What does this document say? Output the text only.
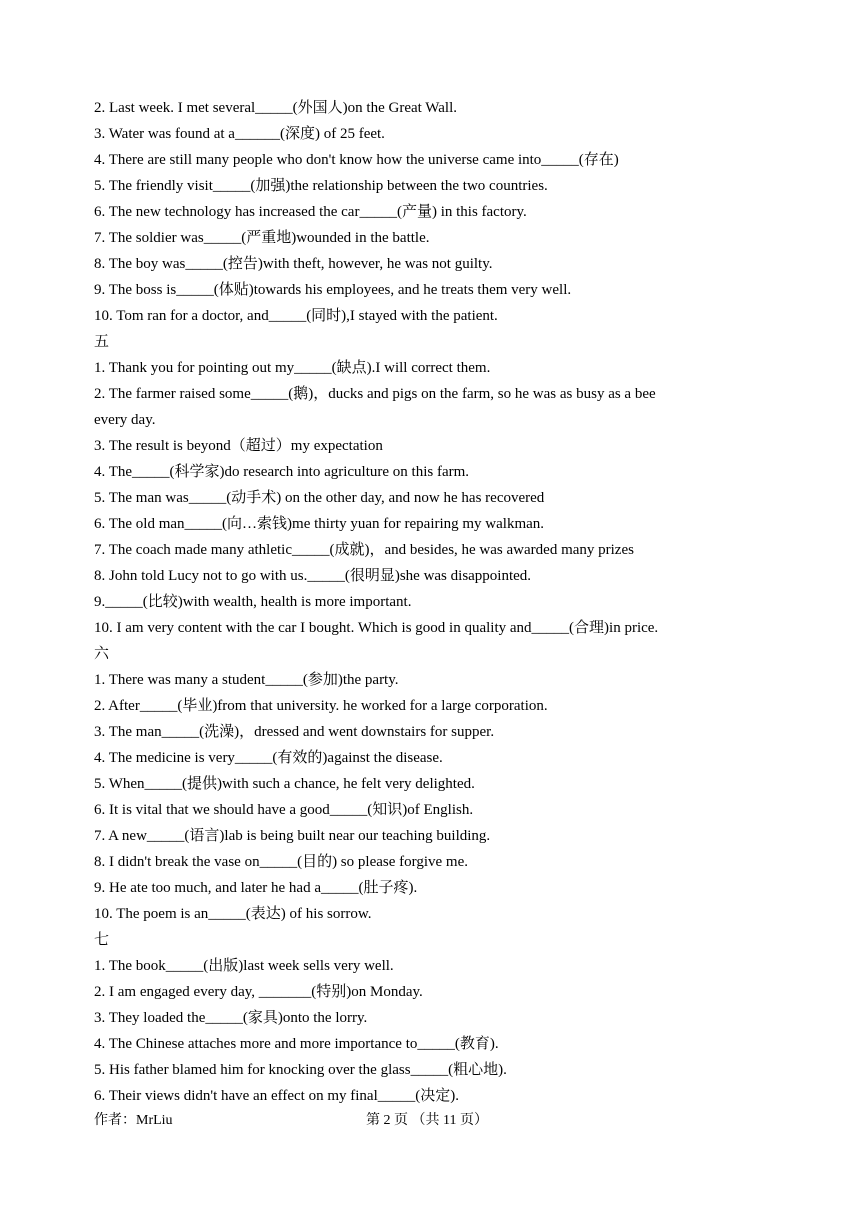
2. Last week. I met several_____(外国人)on the Great Wall.
3. Water was found at a______(深度) of 25 feet.
4. There are still many people who don't know how the universe came into_____(存在)
5. The friendly visit_____(加强)the relationship between the two countries.
6. The new technology has increased the car_____(产量) in this factory.
7. The soldier was_____(严重地)wounded in the battle.
8. The boy was_____(控告)with theft, however, he was not guilty.
9. The boss is_____(体贴)towards his employees, and he treats them very well.
10. Tom ran for a doctor, and_____(同时),I stayed with the patient.
五
1. Thank you for pointing out my_____(缺点).I will correct them.
2. The farmer raised some_____(鹅)，ducks and pigs on the farm, so he was as busy as a bee
every day.
3. The result is beyond（超过）my expectation
4. The_____(科学家)do research into agriculture on this farm.
5. The man was_____(动手术) on the other day, and now he has recovered
6. The old man_____(向…索钱)me thirty yuan for repairing my walkman.
7. The coach made many athletic_____(成就)，and besides, he was awarded many prizes
8. John told Lucy not to go with us._____(很明显)she was disappointed.
9._____(比较)with wealth, health is more important.
10. I am very content with the car I bought. Which is good in quality and_____(合理)in price.
六
1. There was many a student_____(参加)the party.
2. After_____(毕业)from that university. he worked for a large corporation.
3. The man_____(洗澡)，dressed and went downstairs for supper.
4. The medicine is very_____(有效的)against the disease.
5. When_____(提供)with such a chance, he felt very delighted.
6. It is vital that we should have a good_____(知识)of English.
7. A new_____(语言)lab is being built near our teaching building.
8. I didn't break the vase on_____(目的) so please forgive me.
9. He ate too much, and later he had a_____(肚子疼).
10. The poem is an_____(表达) of his sorrow.
七
1. The book_____(出版)last week sells very well.
2. I am engaged every day, _______(特别)on Monday.
3. They loaded the_____(家具)onto the lorry.
4. The Chinese attaches more and more importance to_____(教育).
5. His father blamed him for knocking over the glass_____(粗心地).
6. Their views didn't have an effect on my final_____(决定).
作者：MrLiu	第 2 页 （共 11 页）
